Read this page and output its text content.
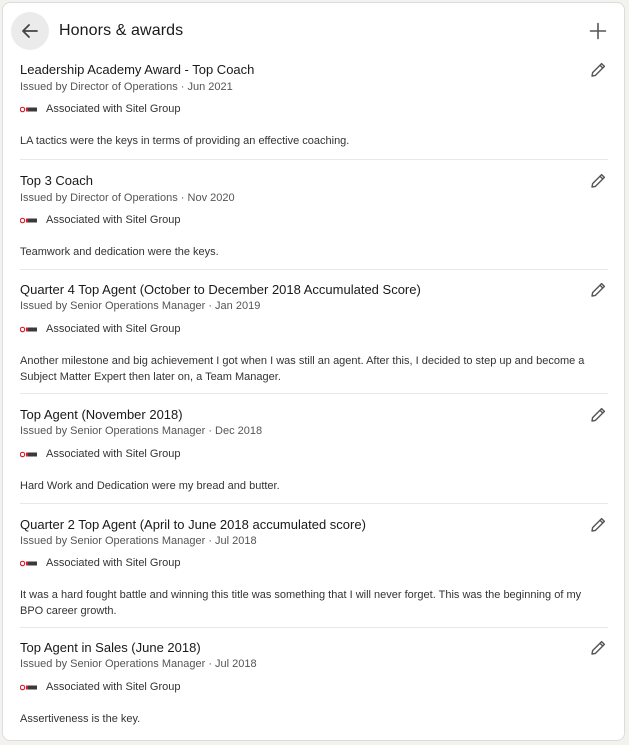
Honors & awards
Leadership Academy Award - Top Coach
Issued by Director of Operations · Jun 2021
Associated with Sitel Group
LA tactics were the keys in terms of providing an effective coaching.
Top 3 Coach
Issued by Director of Operations · Nov 2020
Associated with Sitel Group
Teamwork and dedication were the keys.
Quarter 4 Top Agent (October to December 2018 Accumulated Score)
Issued by Senior Operations Manager · Jan 2019
Associated with Sitel Group
Another milestone and big achievement I got when I was still an agent. After this, I decided to step up and become a Subject Matter Expert then later on, a Team Manager.
Top Agent (November 2018)
Issued by Senior Operations Manager · Dec 2018
Associated with Sitel Group
Hard Work and Dedication were my bread and butter.
Quarter 2 Top Agent (April to June 2018 accumulated score)
Issued by Senior Operations Manager · Jul 2018
Associated with Sitel Group
It was a hard fought battle and winning this title was something that I will never forget. This was the beginning of my BPO career growth.
Top Agent in Sales (June 2018)
Issued by Senior Operations Manager · Jul 2018
Associated with Sitel Group
Assertiveness is the key.
